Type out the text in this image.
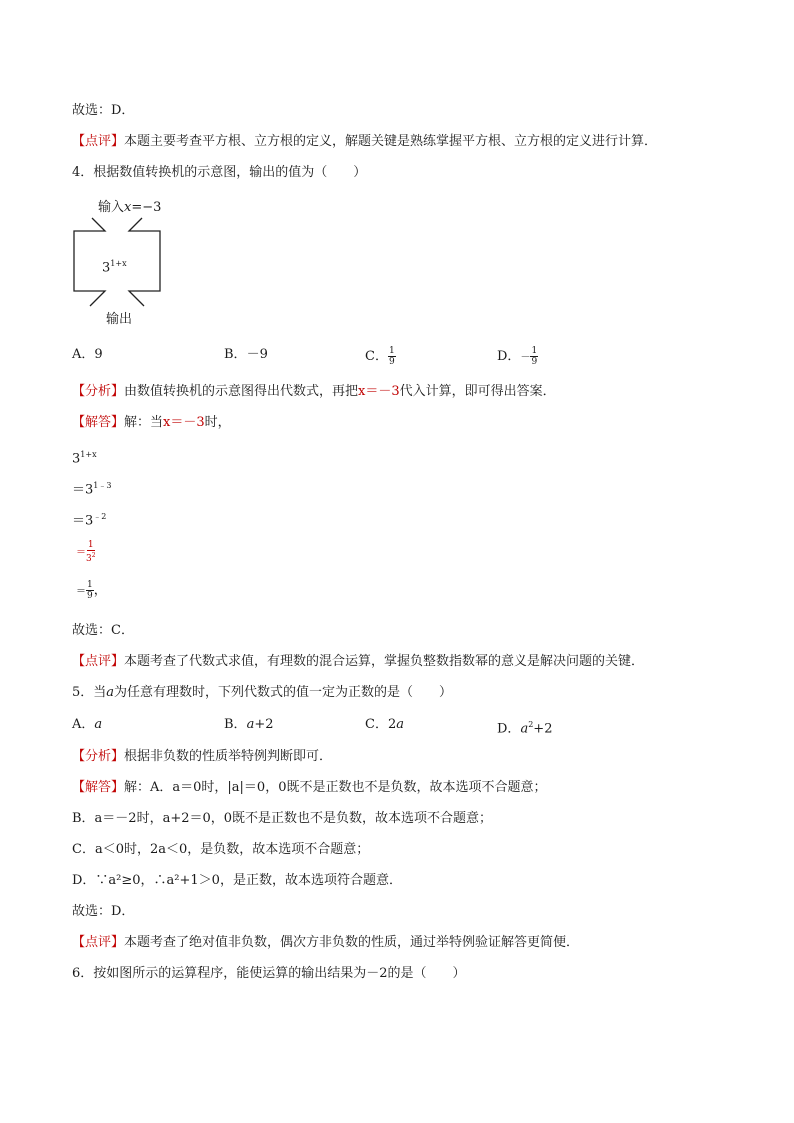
故选：D．
【点评】本题主要考查平方根、立方根的定义，解题关键是熟练掌握平方根、立方根的定义进行计算．
4．根据数值转换机的示意图，输出的值为（　　）
输入x=−3
$3^{1+x}$
输出
A．9	B．－9	C． $\frac{1}{9}$	D．－ $\frac{1}{9}$
【分析】由数值转换机的示意图得出代数式，再把x＝－3代入计算，即可得出答案．
【解答】解：当x＝－3时，
$3^{1+x}$
$=3^{1﹣3}$
$=3^{﹣2}$
＝ $\frac{1}{3^2}$
＝ $\frac{1}{9}$ ，
故选：C．
【点评】本题考查了代数式求值，有理数的混合运算，掌握负整数指数幂的意义是解决问题的关键．
5．当a为任意有理数时，下列代数式的值一定为正数的是（　　）
A．a	B．a+2	C．2a	D．$a^2+2$
【分析】根据非负数的性质举特例判断即可．
【解答】解：A．a＝0时，|a|＝0，0既不是正数也不是负数，故本选项不合题意；
B．a＝－2时，a+2＝0，0既不是正数也不是负数，故本选项不合题意；
C．a＜0时，2a＜0，是负数，故本选项不合题意；
D．∵a²≥0，∴a²+1＞0，是正数，故本选项符合题意．
故选：D．
【点评】本题考查了绝对值非负数，偶次方非负数的性质，通过举特例验证解答更简便．
6．按如图所示的运算程序，能使运算的输出结果为－2的是（　　）
